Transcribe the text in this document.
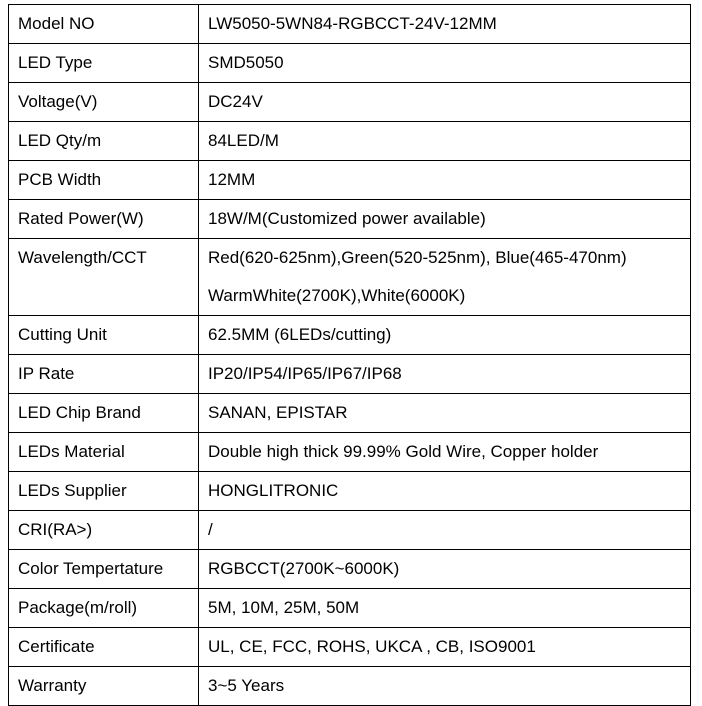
Model NO	LW5050-5WN84-RGBCCT-24V-12MM

LED Type	SMD5050

Voltage(V)	DC24V

LED Qty/m	84LED/M

PCB Width	12MM

Rated Power(W)	18W/M(Customized power available)

Wavelength/CCT	Red(620-625nm),Green(520-525nm), Blue(465-470nm)
WarmWhite(2700K),White(6000K)

Cutting Unit	62.5MM (6LEDs/cutting)

IP Rate	IP20/IP54/IP65/IP67/IP68

LED Chip Brand	SANAN, EPISTAR

LEDs Material	Double high thick 99.99% Gold Wire, Copper holder

LEDs Supplier	HONGLITRONIC

CRI(RA>)	/

Color Tempertature	RGBCCT(2700K~6000K)

Package(m/roll)	5M, 10M, 25M, 50M

Certificate	UL, CE, FCC, ROHS, UKCA , CB, ISO9001

Warranty	3~5 Years
